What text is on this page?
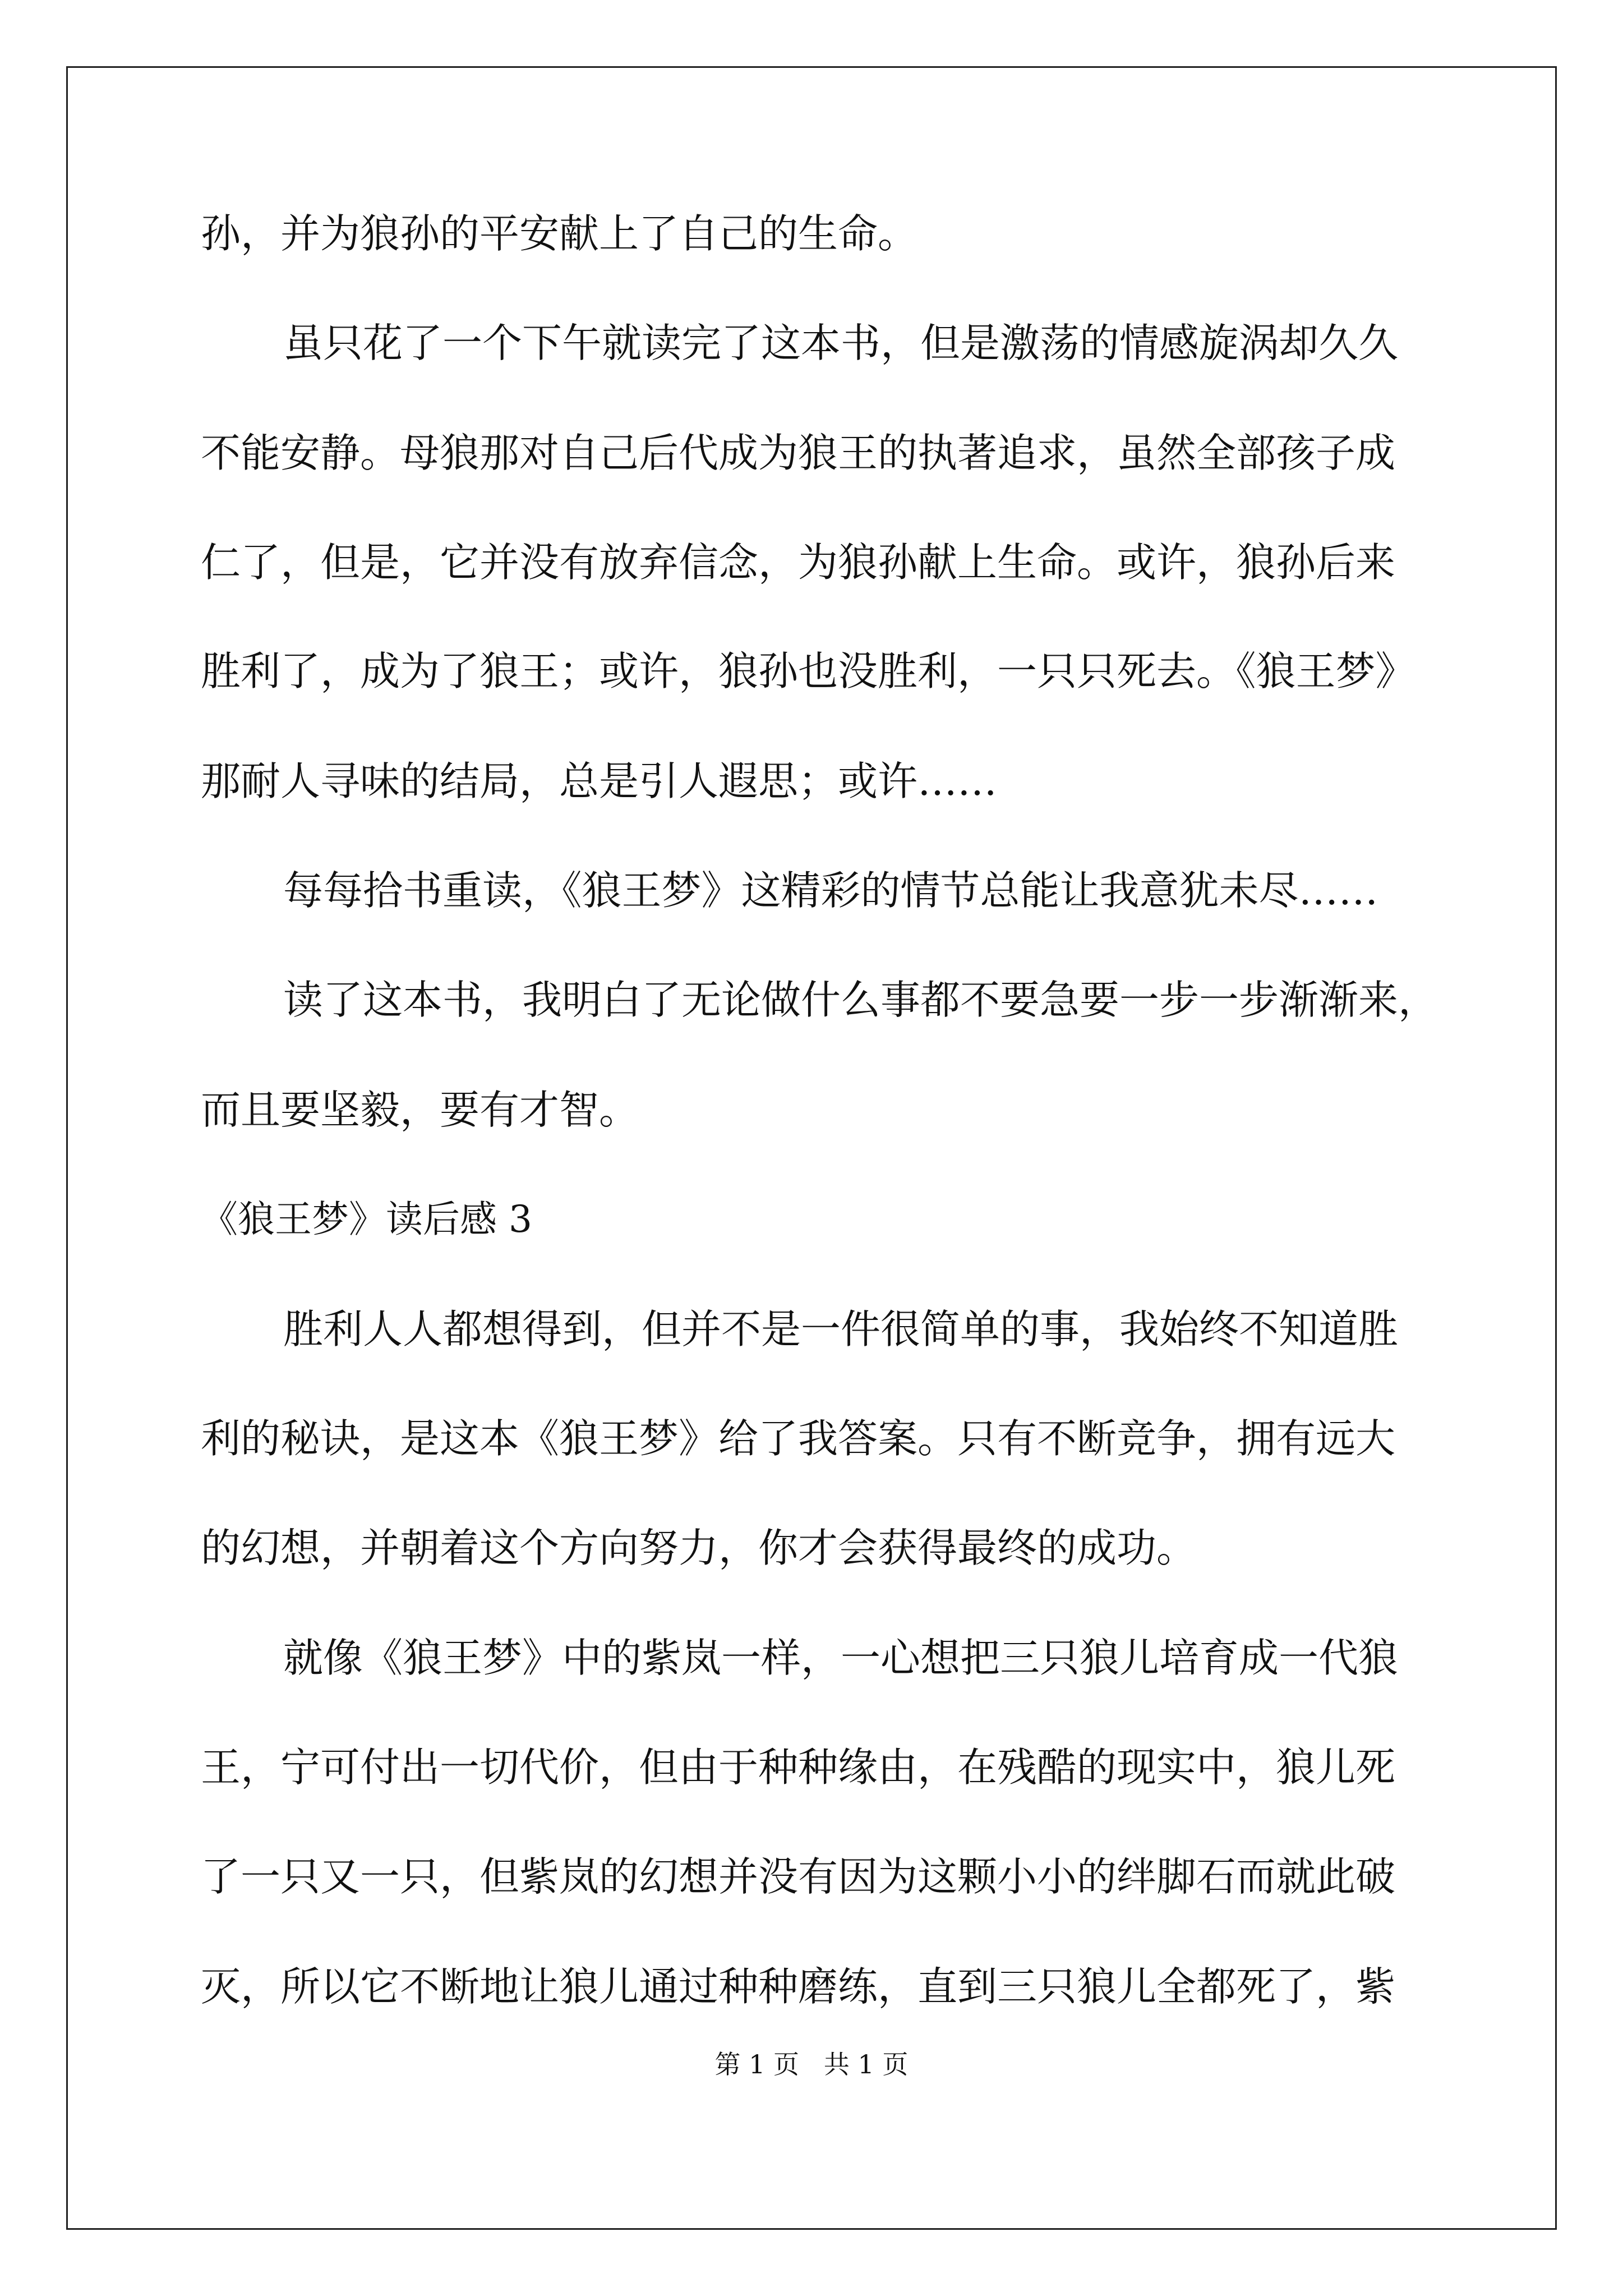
孙，并为狼孙的平安献上了自己的生命。

虽只花了一个下午就读完了这本书，但是激荡的情感旋涡却久久

不能安静。母狼那对自己后代成为狼王的执著追求，虽然全部孩子成

仁了，但是，它并没有放弃信念，为狼孙献上生命。或许，狼孙后来

胜利了，成为了狼王；或许，狼孙也没胜利，一只只死去。《狼王梦》

那耐人寻味的结局，总是引人遐思；或许……

每每拾书重读，《狼王梦》这精彩的情节总能让我意犹未尽……

读了这本书，我明白了无论做什么事都不要急要一步一步渐渐来，

而且要坚毅，要有才智。

《狼王梦》读后感 3

胜利人人都想得到，但并不是一件很简单的事，我始终不知道胜

利的秘诀，是这本《狼王梦》给了我答案。只有不断竞争，拥有远大

的幻想，并朝着这个方向努力，你才会获得最终的成功。

就像《狼王梦》中的紫岚一样，一心想把三只狼儿培育成一代狼

王，宁可付出一切代价，但由于种种缘由，在残酷的现实中，狼儿死

了一只又一只，但紫岚的幻想并没有因为这颗小小的绊脚石而就此破

灭，所以它不断地让狼儿通过种种磨练，直到三只狼儿全都死了，紫

第 1 页   共 1 页
